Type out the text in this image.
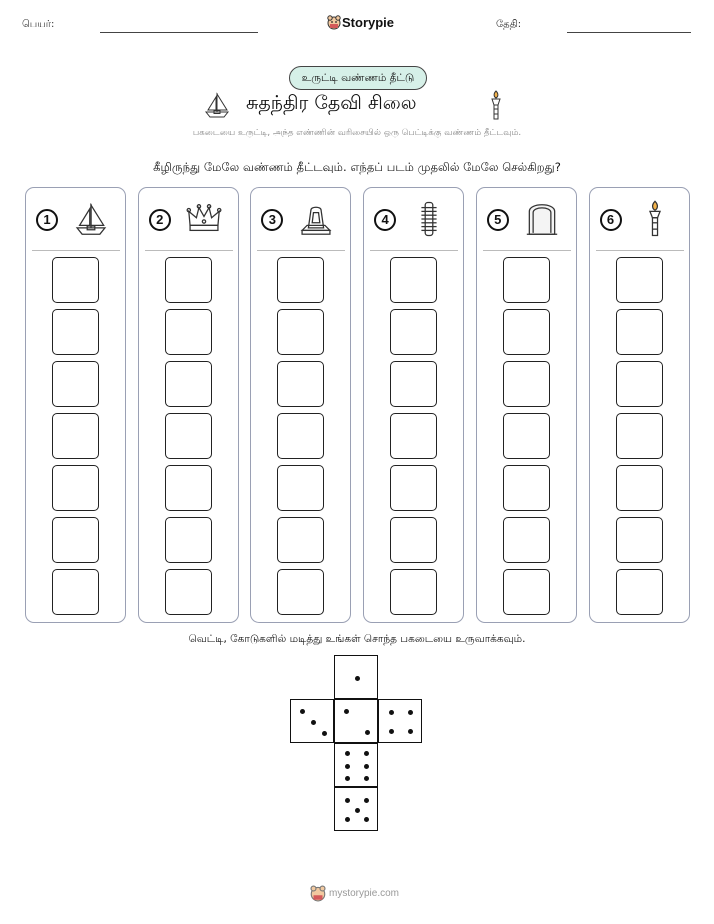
பெயர்:	Storypie	தேதி:
உருட்டி வண்ணம் தீட்டு
சுதந்திர தேவி சிலை
பகடையை உருட்டி, அந்த எண்ணின் வரிசையில் ஒரு பெட்டிக்கு வண்ணம் தீட்டவும்.
கீழிருந்து மேலே வண்ணம் தீட்டவும். எந்தப் படம் முதலில் மேலே செல்கிறது?
1	2	3	4	5	6
வெட்டி, கோடுகளில் மடித்து உங்கள் சொந்த பகடையை உருவாக்கவும்.
mystorypie.com
